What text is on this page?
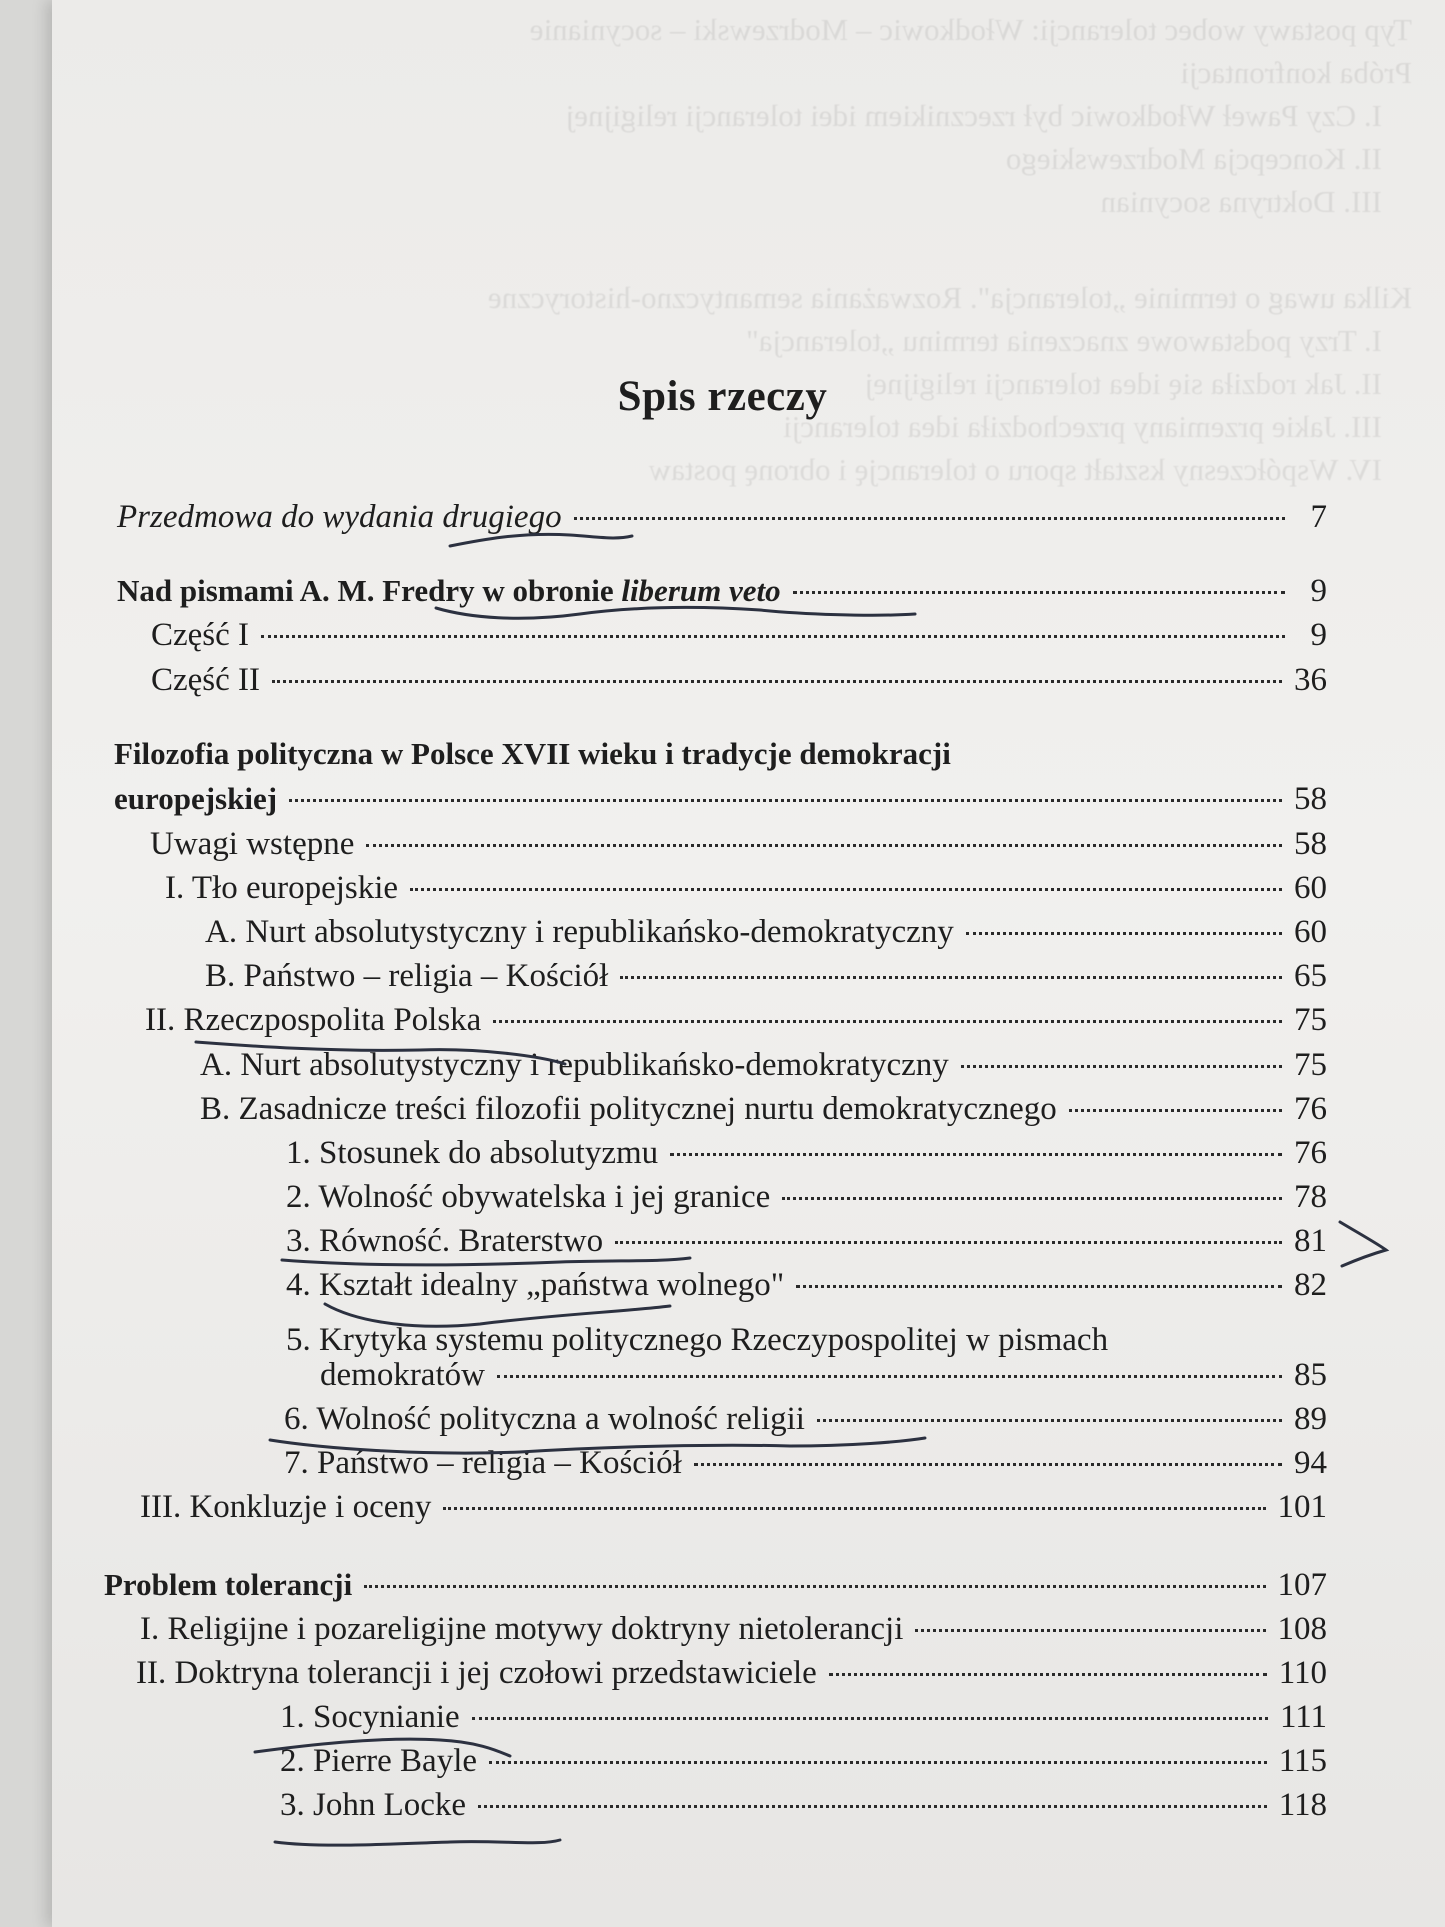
Typ postawy wobec tolerancji: Włodkowic – Modrzewski – socynianie
Próba konfrontacji
I. Czy Paweł Włodkowic był rzecznikiem idei tolerancji religijnej
II. Koncepcja Modrzewskiego
III. Doktryna socynian
Kilka uwag o terminie „tolerancja". Rozważania semantyczno-historyczne
I. Trzy podstawowe znaczenia terminu „tolerancja"
II. Jak rodziła się idea tolerancji religijnej
III. Jakie przemiany przechodziła idea tolerancji
IV. Współczesny kształt sporu o tolerancję i obronę postaw
Spis rzeczy
Przedmowa do wydania drugiego	7
Nad pismami A. M. Fredry w obronie liberum veto	9
Część I	9
Część II	36
Filozofia polityczna w Polsce XVII wieku i tradycje demokracji
europejskiej	58
Uwagi wstępne	58
I. Tło europejskie	60
A. Nurt absolutystyczny i republikańsko-demokratyczny	60
B. Państwo – religia – Kościół	65
II. Rzeczpospolita Polska	75
A. Nurt absolutystyczny i republikańsko-demokratyczny	75
B. Zasadnicze treści filozofii politycznej nurtu demokratycznego	76
1. Stosunek do absolutyzmu	76
2. Wolność obywatelska i jej granice	78
3. Równość. Braterstwo	81
4. Kształt idealny „państwa wolnego"	82
5. Krytyka systemu politycznego Rzeczypospolitej w pismach
demokratów	85
6. Wolność polityczna a wolność religii	89
7. Państwo – religia – Kościół	94
III. Konkluzje i oceny	101
Problem tolerancji	107
I. Religijne i pozareligijne motywy doktryny nietolerancji	108
II. Doktryna tolerancji i jej czołowi przedstawiciele	110
1. Socynianie	111
2. Pierre Bayle	115
3. John Locke	118
